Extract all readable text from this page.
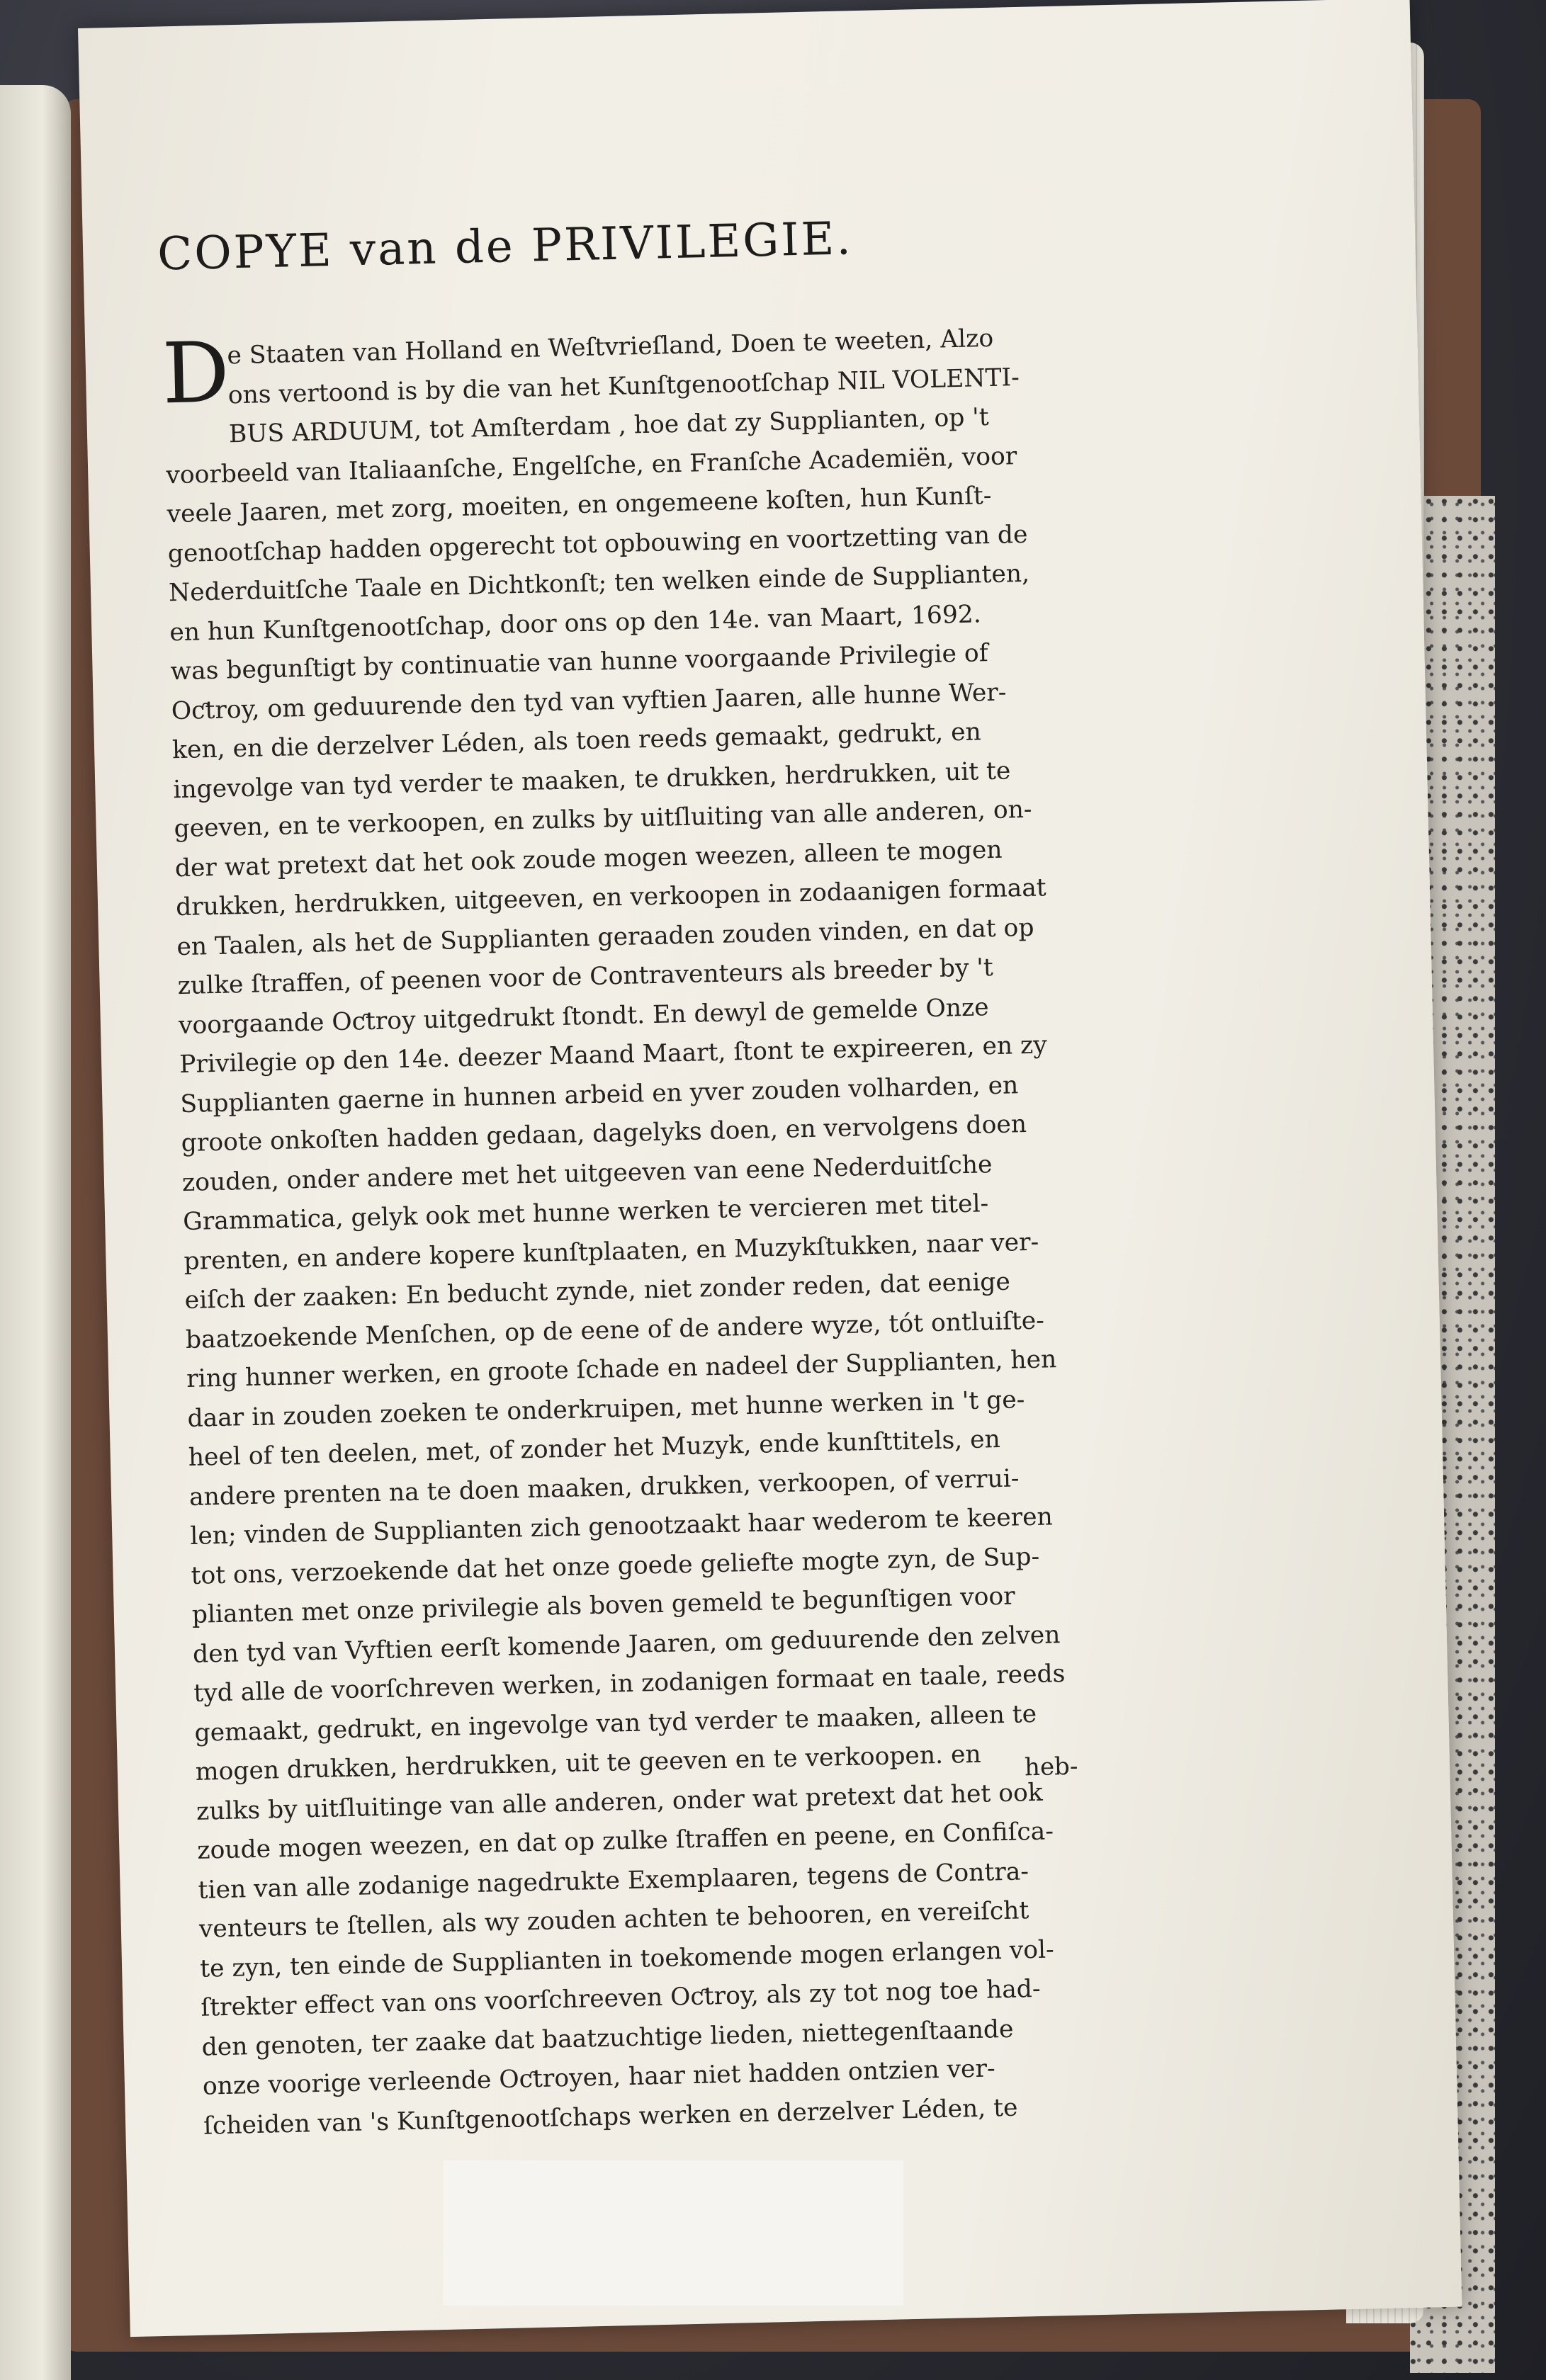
COPYE van de PRIVILEGIE.
e Staaten van Holland en Weſtvrieſland, Doen te weeten, Alzo
ons vertoond is by die van het Kunſtgenootſchap NIL VOLENTI-
BUS ARDUUM, tot Amſterdam , hoe dat zy Supplianten, op 't
voorbeeld van Italiaanſche, Engelſche, en Franſche Academiën, voor
veele Jaaren, met zorg, moeiten, en ongemeene koſten, hun Kunſt-
genootſchap hadden opgerecht tot opbouwing en voortzetting van de
Nederduitſche Taale en Dichtkonſt; ten welken einde de Supplianten,
en hun Kunſtgenootſchap, door ons op den 14e. van Maart, 1692.
was begunſtigt by continuatie van hunne voorgaande Privilegie of
Oƈtroy, om geduurende den tyd van vyftien Jaaren, alle hunne Wer-
ken, en die derzelver Léden, als toen reeds gemaakt, gedrukt, en
ingevolge van tyd verder te maaken, te drukken, herdrukken, uit te
geeven, en te verkoopen, en zulks by uitſluiting van alle anderen, on-
der wat pretext dat het ook zoude mogen weezen, alleen te mogen
drukken, herdrukken, uitgeeven, en verkoopen in zodaanigen formaat
en Taalen, als het de Supplianten geraaden zouden vinden, en dat op
zulke ſtraffen, of peenen voor de Contraventeurs als breeder by 't
voorgaande Oƈtroy uitgedrukt ſtondt. En dewyl de gemelde Onze
Privilegie op den 14e. deezer Maand Maart, ſtont te expireeren, en zy
Supplianten gaerne in hunnen arbeid en yver zouden volharden, en
groote onkoſten hadden gedaan, dagelyks doen, en vervolgens doen
zouden, onder andere met het uitgeeven van eene Nederduitſche
Grammatica, gelyk ook met hunne werken te vercieren met titel-
prenten, en andere kopere kunſtplaaten, en Muzykſtukken, naar ver-
eiſch der zaaken: En beducht zynde, niet zonder reden, dat eenige
baatzoekende Menſchen, op de eene of de andere wyze, tót ontluiſte-
ring hunner werken, en groote ſchade en nadeel der Supplianten, hen
daar in zouden zoeken te onderkruipen, met hunne werken in 't ge-
heel of ten deelen, met, of zonder het Muzyk, ende kunſttitels, en
andere prenten na te doen maaken, drukken, verkoopen, of verrui-
len; vinden de Supplianten zich genootzaakt haar wederom te keeren
tot ons, verzoekende dat het onze goede geliefte mogte zyn, de Sup-
plianten met onze privilegie als boven gemeld te begunſtigen voor
den tyd van Vyftien eerſt komende Jaaren, om geduurende den zelven
tyd alle de voorſchreven werken, in zodanigen formaat en taale, reeds
gemaakt, gedrukt, en ingevolge van tyd verder te maaken, alleen te
mogen drukken, herdrukken, uit te geeven en te verkoopen. en
zulks by uitſluitinge van alle anderen, onder wat pretext dat het ook
zoude mogen weezen, en dat op zulke ſtraffen en peene, en Confiſca-
tien van alle zodanige nagedrukte Exemplaaren, tegens de Contra-
venteurs te ſtellen, als wy zouden achten te behooren, en vereiſcht
te zyn, ten einde de Supplianten in toekomende mogen erlangen vol-
ſtrekter effect van ons voorſchreeven Oƈtroy, als zy tot nog toe had-
den genoten, ter zaake dat baatzuchtige lieden, niettegenſtaande
onze voorige verleende Oƈtroyen, haar niet hadden ontzien ver-
ſcheiden van 's Kunſtgenootſchaps werken en derzelver Léden, te
D
heb-
